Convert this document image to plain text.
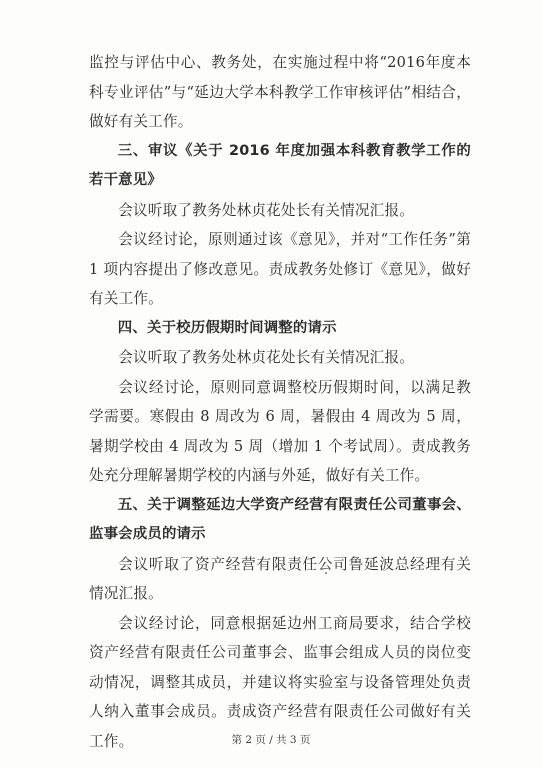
监控与评估中心、教务处，在实施过程中将“2016年度本科专业评估”与“延边大学本科教学工作审核评估”相结合，做好有关工作。

三、审议《关于 2016 年度加强本科教育教学工作的若干意见》

会议听取了教务处林贞花处长有关情况汇报。

会议经讨论，原则通过该《意见》，并对“工作任务”第 1 项内容提出了修改意见。责成教务处修订《意见》，做好有关工作。

四、关于校历假期时间调整的请示

会议听取了教务处林贞花处长有关情况汇报。

会议经讨论，原则同意调整校历假期时间，以满足教学需要。寒假由 8 周改为 6 周，暑假由 4 周改为 5 周，暑期学校由 4 周改为 5 周（增加 1 个考试周）。责成教务处充分理解暑期学校的内涵与外延，做好有关工作。

五、关于调整延边大学资产经营有限责任公司董事会、监事会成员的请示

会议听取了资产经营有限责任公司鲁延波总经理有关情况汇报。

会议经讨论，同意根据延边州工商局要求，结合学校资产经营有限责任公司董事会、监事会组成人员的岗位变动情况，调整其成员，并建议将实验室与设备管理处负责人纳入董事会成员。责成资产经营有限责任公司做好有关工作。	第 2 页 / 共 3 页
